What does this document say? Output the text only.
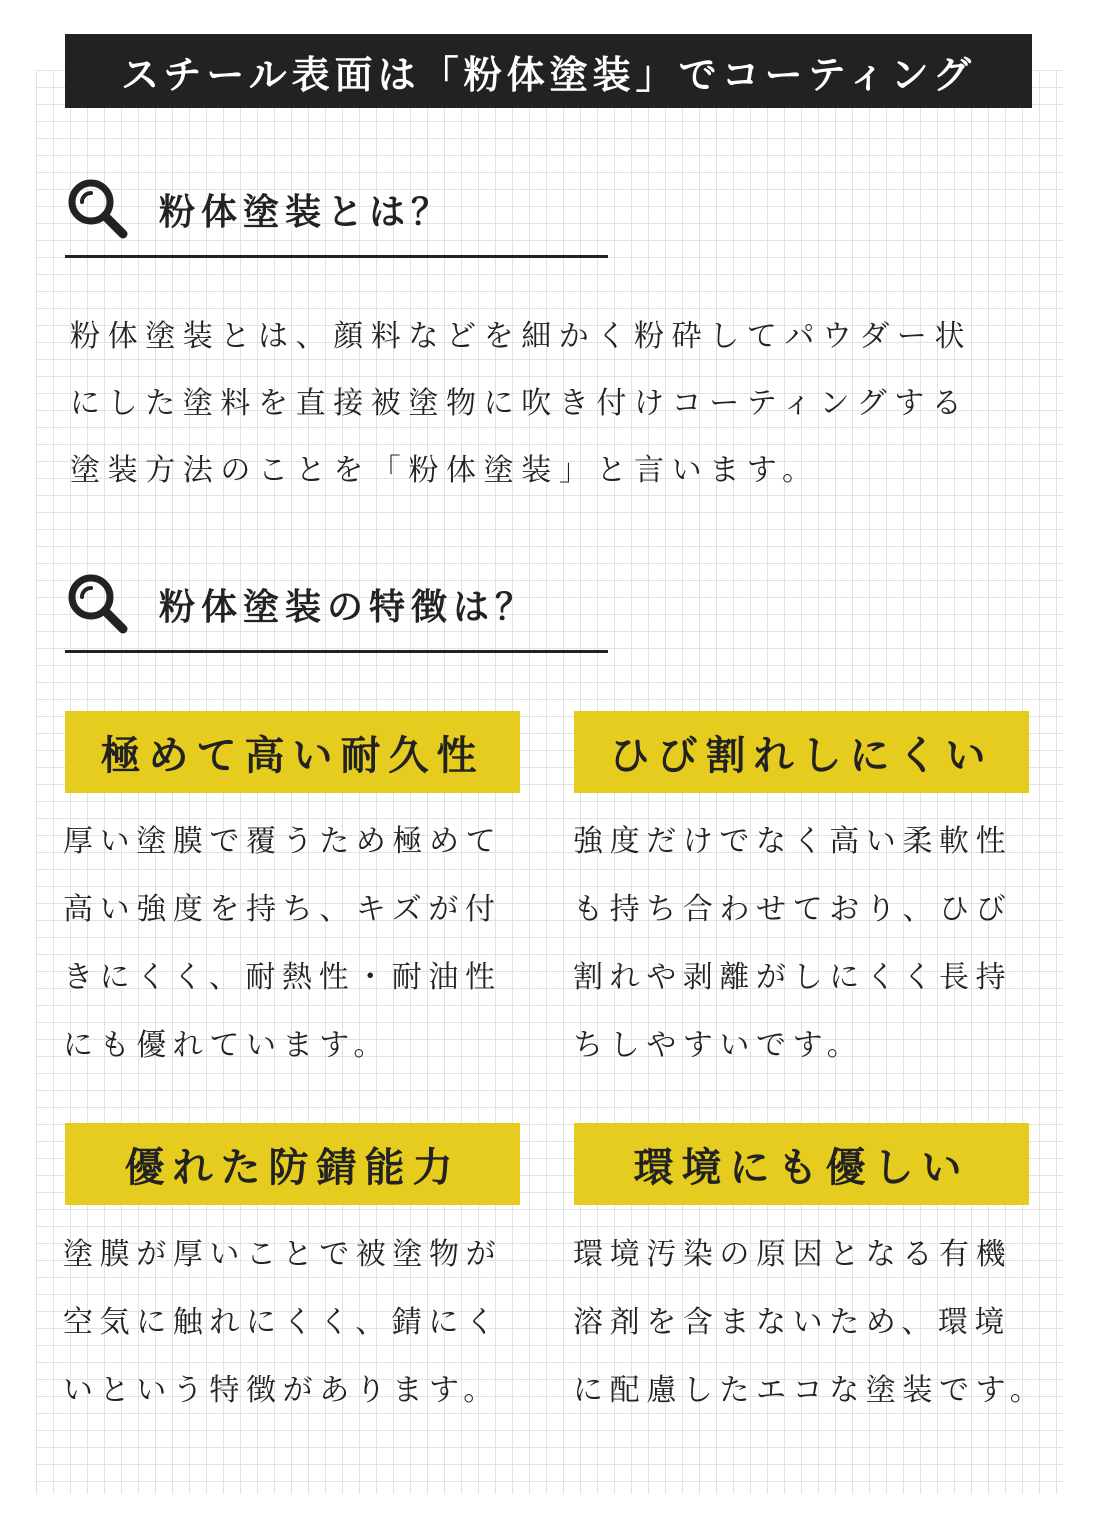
スチール表面は「粉体塗装」でコーティング
粉体塗装とは？

粉体塗装とは、顔料などを細かく粉砕してパウダー状

にした塗料を直接被塗物に吹き付けコーティングする

塗装方法のことを「粉体塗装」と言います。

粉体塗装の特徴は？
極めて高い耐久性

厚い塗膜で覆うため極めて

高い強度を持ち、キズが付

きにくく、耐熱性・耐油性

にも優れています。

ひび割れしにくい

強度だけでなく高い柔軟性

も持ち合わせており、ひび

割れや剥離がしにくく長持

ちしやすいです。

優れた防錆能力

塗膜が厚いことで被塗物が

空気に触れにくく、錆にく

いという特徴があります。

環境にも優しい

環境汚染の原因となる有機

溶剤を含まないため、環境

に配慮したエコな塗装です。
